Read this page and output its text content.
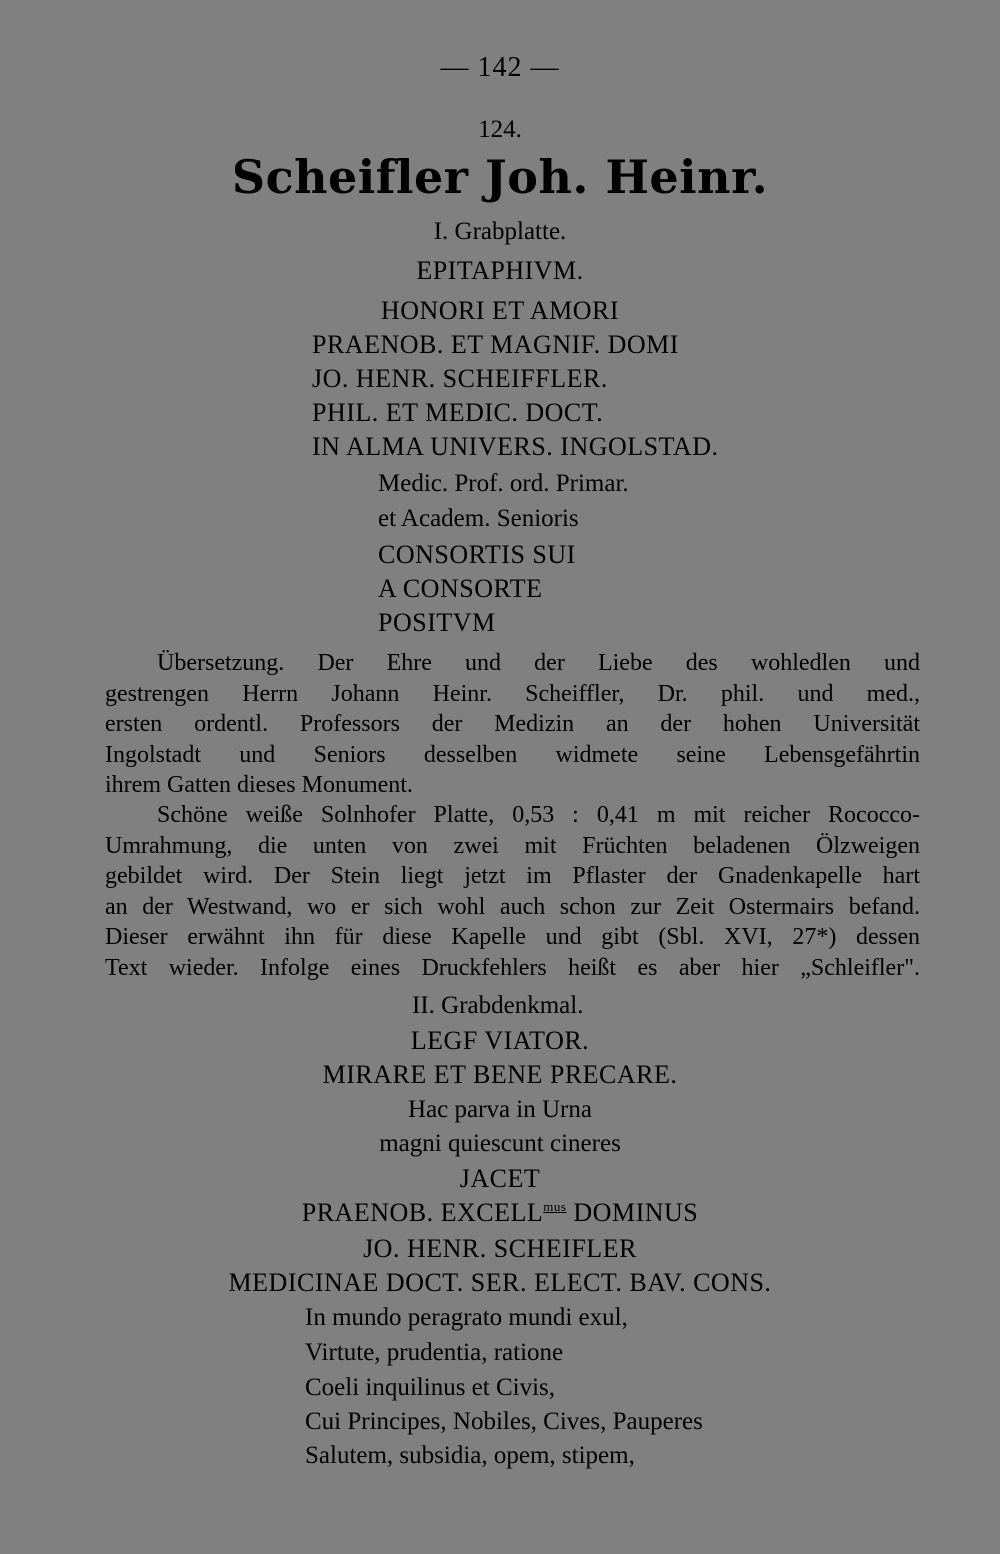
— 142 —
124.
Scheifler Joh. Heinr.
I. Grabplatte.
EPITAPHIVM.
HONORI ET AMORI
PRAENOB. ET MAGNIF. DOMI
JO. HENR. SCHEIFFLER.
PHIL. ET MEDIC. DOCT.
IN ALMA UNIVERS. INGOLSTAD.
Medic. Prof. ord. Primar.
et Academ. Senioris
CONSORTIS SUI
A CONSORTE
POSITVM
Übersetzung. Der Ehre und der Liebe des wohledlen und
gestrengen Herrn Johann Heinr. Scheiffler, Dr. phil. und med.,
ersten ordentl. Professors der Medizin an der hohen Universität
Ingolstadt und Seniors desselben widmete seine Lebensgefährtin
ihrem Gatten dieses Monument.
Schöne weiße Solnhofer Platte, 0,53 : 0,41 m mit reicher Rococco-
Umrahmung, die unten von zwei mit Früchten beladenen Ölzweigen
gebildet wird. Der Stein liegt jetzt im Pflaster der Gnadenkapelle hart
an der Westwand, wo er sich wohl auch schon zur Zeit Ostermairs befand.
Dieser erwähnt ihn für diese Kapelle und gibt (Sbl. XVI, 27*) dessen
Text wieder. Infolge eines Druckfehlers heißt es aber hier „Schleifler".
II. Grabdenkmal.
LEGF VIATOR.
MIRARE ET BENE PRECARE.
Hac parva in Urna
magni quiescunt cineres
JACET
PRAENOB. $EXCELL^{mus}$ DOMINUS
JO. HENR. SCHEIFLER
MEDICINAE DOCT. SER. ELECT. BAV. CONS.
In mundo peragrato mundi exul,
Virtute, prudentia, ratione
Coeli inquilinus et Civis,
Cui Principes, Nobiles, Cives, Pauperes
Salutem, subsidia, opem, stipem,
